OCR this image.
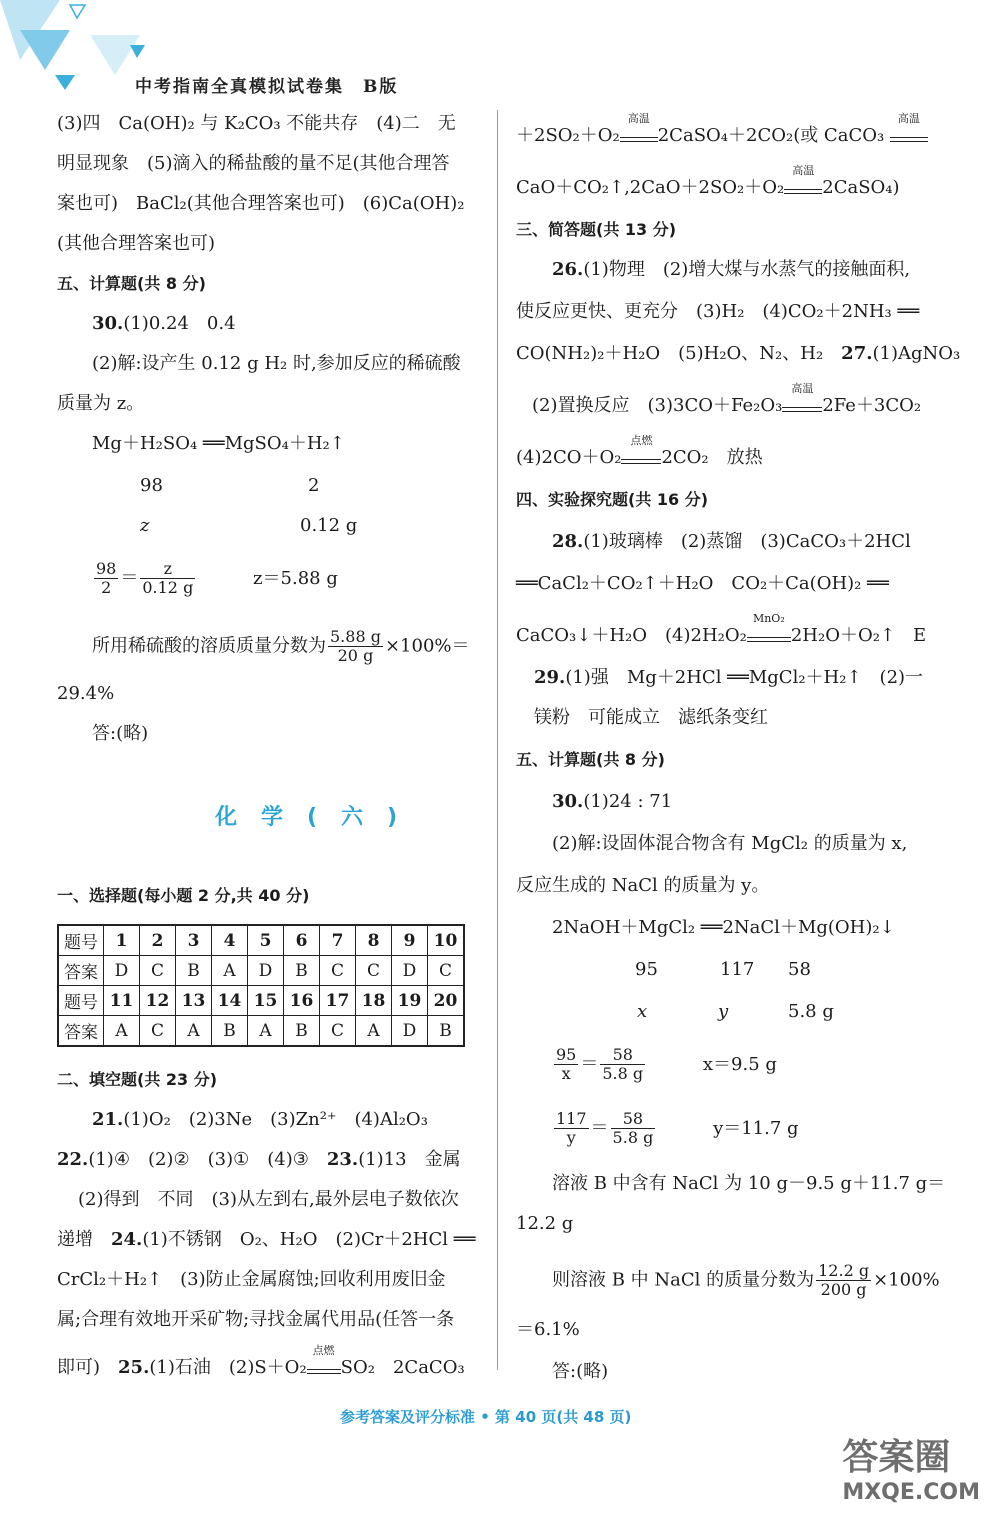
中考指南全真模拟试卷集　B版
(3)四　Ca(OH)₂ 与 K₂CO₃ 不能共存　(4)二　无
明显现象　(5)滴入的稀盐酸的量不足(其他合理答
案也可)　BaCl₂(其他合理答案也可)　(6)Ca(OH)₂
(其他合理答案也可)
五、计算题(共 8 分)
30.(1)0.24　0.4
(2)解:设产生 0.12 g H₂ 时,参加反应的稀硫酸
质量为 z。
Mg＋H₂SO₄ ══MgSO₄＋H₂↑
98	2
z	0.12 g
$\frac{98}{2} = \frac{z}{0.12 g}$	z＝5.88 g
所用稀硫酸的溶质质量分数为 $\frac{5.88 g}{20 g} \times 100\%=$
29.4%
答:(略)
化学(六)
一、选择题(每小题 2 分,共 40 分)
题号	1	2	3	4	5	6	7	8	9	10
答案	D	C	B	A	D	B	C	C	D	C
题号	11	12	13	14	15	16	17	18	19	20
答案	A	C	A	B	A	B	C	A	D	B
二、填空题(共 23 分)
21.(1)O₂　(2)3Ne　(3)Zn²⁺　(4)Al₂O₃
22.(1)④　(2)②　(3)①　(4)③　 23.(1)13　金属
(2)得到　不同　(3)从左到右,最外层电子数依次
递增　 24.(1)不锈钢　O₂、H₂O　(2)Cr＋2HCl ══
CrCl₂＋H₂↑　(3)防止金属腐蚀;回收利用废旧金
属;合理有效地开采矿物;寻找金属代用品(任答一条
即可)　 25.(1)石油　(2)S＋O₂
点燃
SO₂　2CaCO₃
＋2SO₂＋O₂
高温
2CaSO₄＋2CO₂(或 CaCO₃
高温
CaO＋CO₂↑,2CaO＋2SO₂＋O₂
高温
2CaSO₄)
三、简答题(共 13 分)
26.(1)物理　(2)增大煤与水蒸气的接触面积,
使反应更快、更充分　(3)H₂　(4)CO₂＋2NH₃ ══
CO(NH₂)₂＋H₂O　(5)H₂O、N₂、H₂　 27.(1)AgNO₃
(2)置换反应　(3)3CO＋Fe₂O₃
高温
2Fe＋3CO₂
(4)2CO＋O₂
点燃
2CO₂　放热
四、实验探究题(共 16 分)
28.(1)玻璃棒　(2)蒸馏　(3)CaCO₃＋2HCl
══CaCl₂＋CO₂↑＋H₂O　CO₂＋Ca(OH)₂ ══
CaCO₃↓＋H₂O　(4)2H₂O₂
MnO₂
2H₂O＋O₂↑　E
29.(1)强　Mg＋2HCl ══MgCl₂＋H₂↑　(2)一
镁粉　可能成立　滤纸条变红
五、计算题(共 8 分)
30.(1)24 : 71
(2)解:设固体混合物含有 MgCl₂ 的质量为 x,
反应生成的 NaCl 的质量为 y。
2NaOH＋MgCl₂ ══2NaCl＋Mg(OH)₂↓
95	117 58
x	y	5.8 g
$\frac{95}{x} = \frac{58}{5.8 g}$	x＝9.5 g
$\frac{117}{y} = \frac{58}{5.8 g}$	y＝11.7 g
溶液 B 中含有 NaCl 为 10 g－9.5 g＋11.7 g＝
12.2 g
则溶液 B 中 NaCl 的质量分数为 $\frac{12.2 g}{200 g} \times 100\%$
＝6.1%
答:(略)
参考答案及评分标准 • 第 40 页(共 48 页)
答案圈
MXQE.COM
